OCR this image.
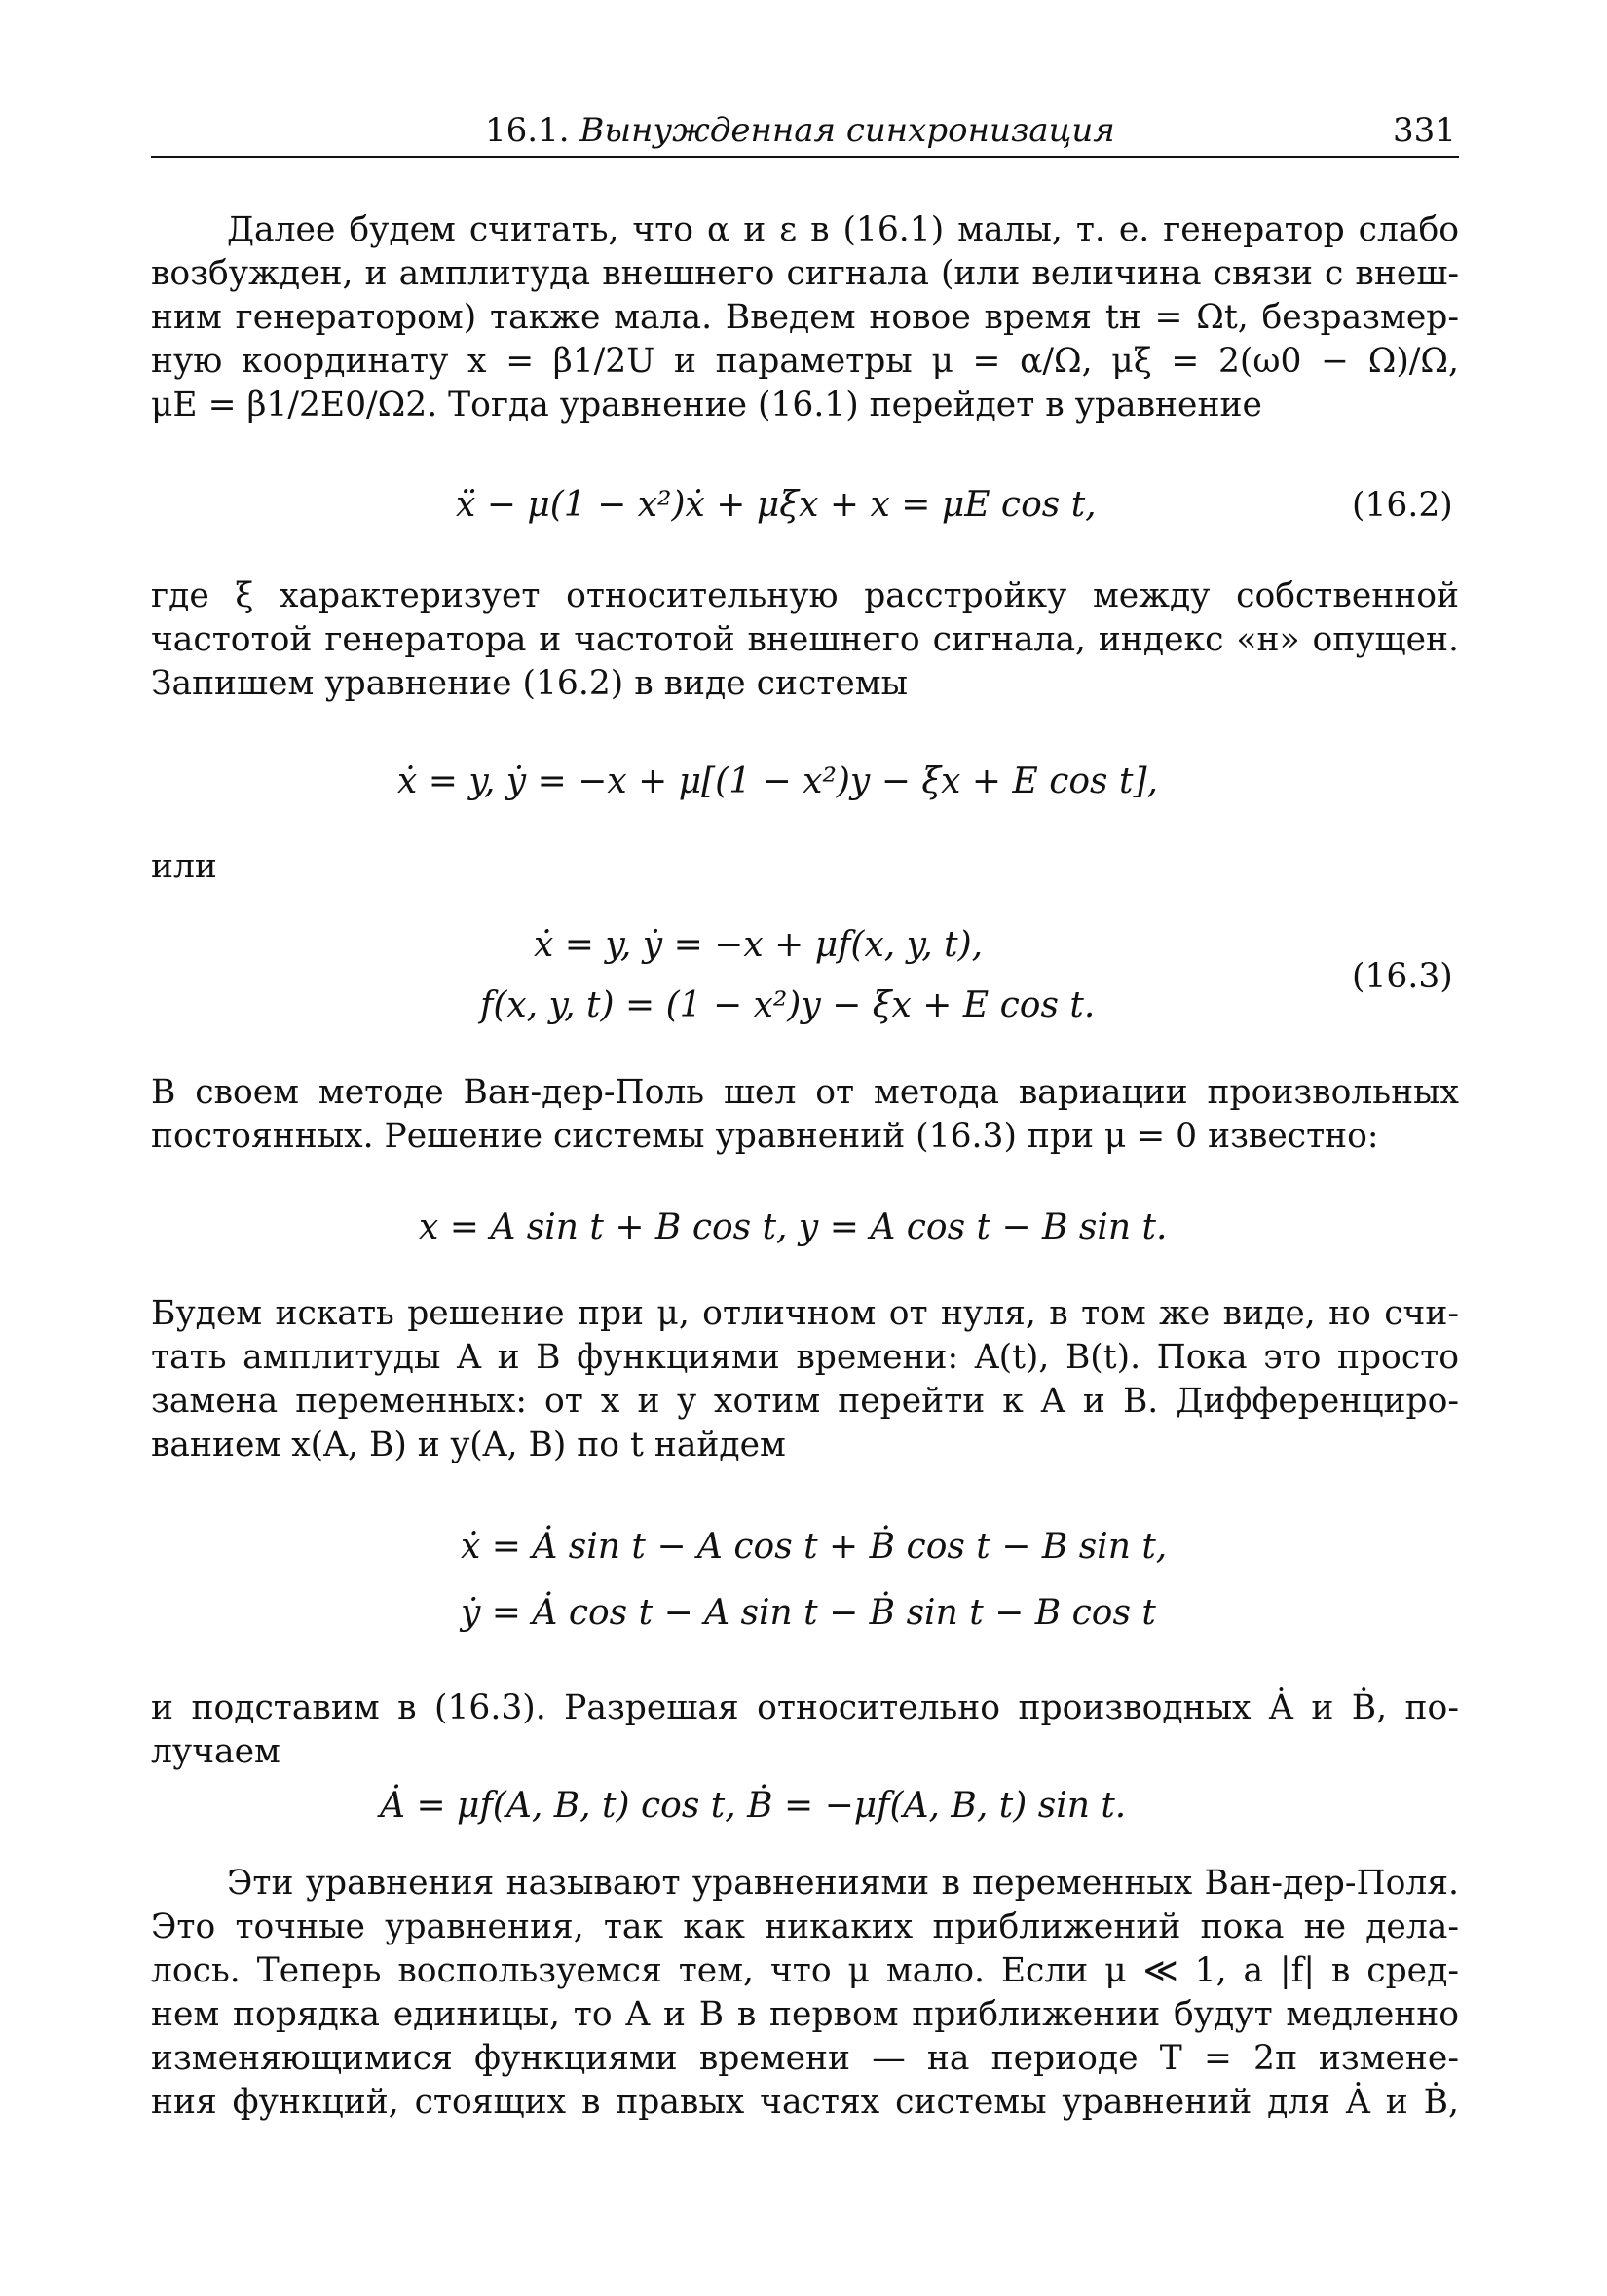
16.1. Вынужденная синхронизация	331
Далее будем считать, что α и ε в (16.1) малы, т. е. генератор слабо
возбужден, и амплитуда внешнего сигнала (или величина связи с внеш-
ним генератором) также мала. Введем новое время tн = Ωt, безразмер-
ную координату x = β1/2U и параметры μ = α/Ω, μξ = 2(ω0 − Ω)/Ω,
μE = β1/2E0/Ω2. Тогда уравнение (16.1) перейдет в уравнение
ẍ − μ(1 − x²)ẋ + μξx + x = μE cos t,	(16.2)
где ξ характеризует относительную расстройку между собственной
частотой генератора и частотой внешнего сигнала, индекс «н» опущен.
Запишем уравнение (16.2) в виде системы
ẋ = y, ẏ = −x + μ[(1 − x²)y − ξx + E cos t],
или
ẋ = y, ẏ = −x + μf(x, y, t),
f(x, y, t) = (1 − x²)y − ξx + E cos t.
(16.3)
В своем методе Ван-дер-Поль шел от метода вариации произвольных
постоянных. Решение системы уравнений (16.3) при μ = 0 известно:
x = A sin t + B cos t, y = A cos t − B sin t.
Будем искать решение при μ, отличном от нуля, в том же виде, но счи-
тать амплитуды A и B функциями времени: A(t), B(t). Пока это просто
замена переменных: от x и y хотим перейти к A и B. Дифференциро-
ванием x(A, B) и y(A, B) по t найдем
ẋ = Ȧ sin t − A cos t + Ḃ cos t − B sin t,
ẏ = Ȧ cos t − A sin t − Ḃ sin t − B cos t
и подставим в (16.3). Разрешая относительно производных Ȧ и Ḃ, по-
лучаем
Ȧ = μf(A, B, t) cos t, Ḃ = −μf(A, B, t) sin t.
Эти уравнения называют уравнениями в переменных Ван-дер-Поля.
Это точные уравнения, так как никаких приближений пока не дела-
лось. Теперь воспользуемся тем, что μ мало. Если μ ≪ 1, а |f| в сред-
нем порядка единицы, то A и B в первом приближении будут медленно
изменяющимися функциями времени — на периоде T = 2π измене-
ния функций, стоящих в правых частях системы уравнений для Ȧ и Ḃ,
